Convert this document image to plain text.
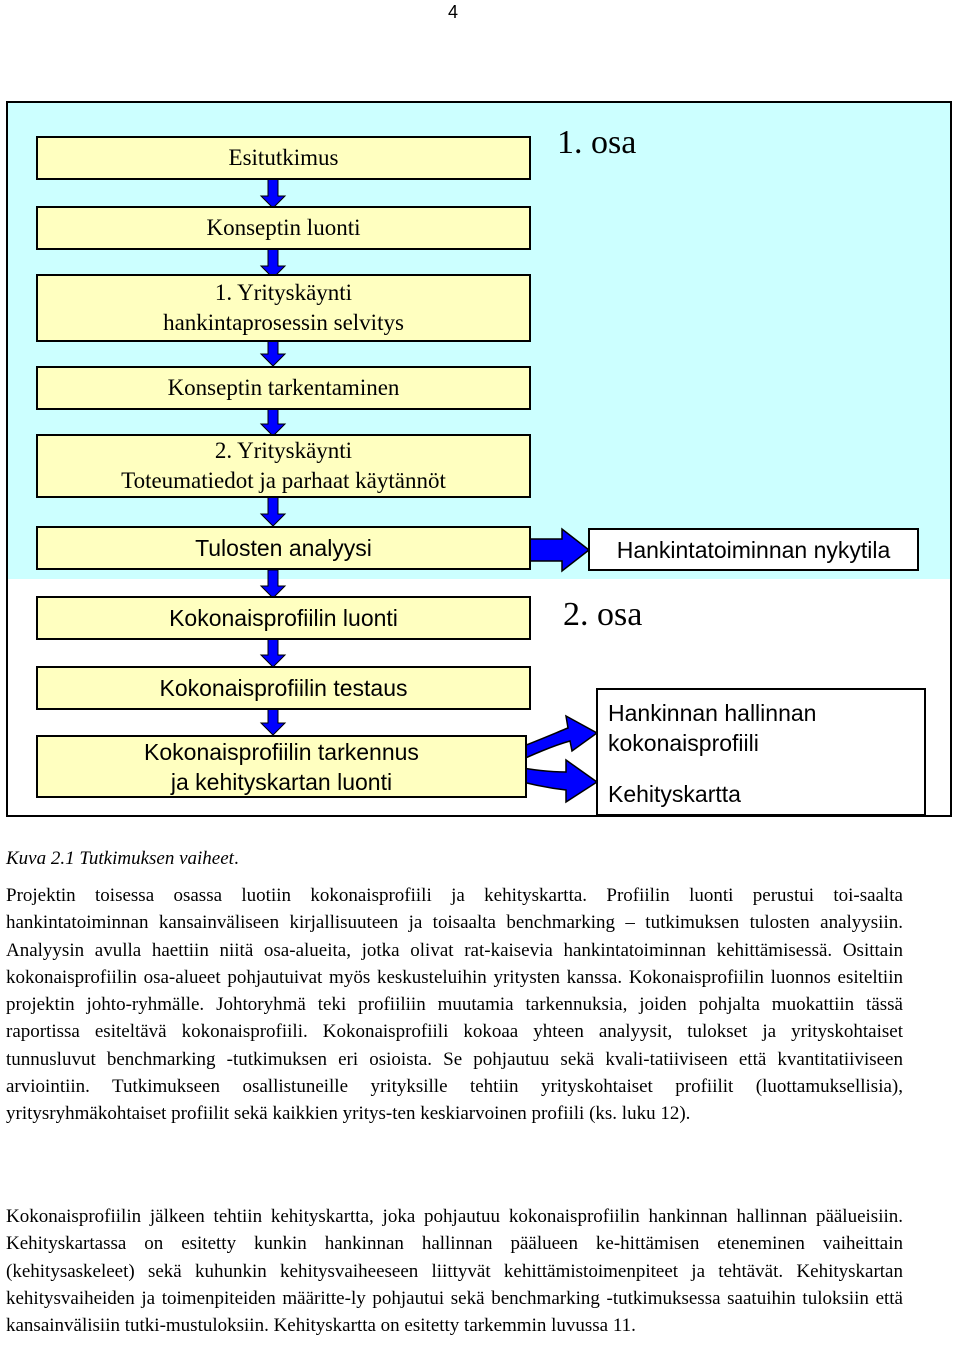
4
1. osa
2. osa
Esitutkimus
Konseptin luonti
1. Yrityskäynti
hankintaprosessin selvitys
Konseptin tarkentaminen
2. Yrityskäynti
Toteumatiedot ja parhaat käytännöt
Tulosten analyysi
Kokonaisprofiilin luonti
Kokonaisprofiilin testaus
Kokonaisprofiilin tarkennus
ja kehityskartan luonti
Hankintatoiminnan nykytila
Hankinnan hallinnan
kokonaisprofiili
Kehityskartta
Kuva 2.1 Tutkimuksen vaiheet.

Projektin toisessa osassa luotiin kokonaisprofiili ja kehityskartta. Profiilin luonti perustui toi-saalta hankintatoiminnan kansainväliseen kirjallisuuteen ja toisaalta benchmarking – tutkimuksen tulosten analyysiin. Analyysin avulla haettiin niitä osa-alueita, jotka olivat rat-kaisevia hankintatoiminnan kehittämisessä. Osittain kokonaisprofiilin osa-alueet pohjautuivat myös keskusteluihin yritysten kanssa. Kokonaisprofiilin luonnos esiteltiin projektin johto-ryhmälle. Johtoryhmä teki profiiliin muutamia tarkennuksia, joiden pohjalta muokattiin tässä raportissa esiteltävä kokonaisprofiili. Kokonaisprofiili kokoaa yhteen analyysit, tulokset ja yrityskohtaiset tunnusluvut benchmarking -tutkimuksen eri osioista. Se pohjautuu sekä kvali-tatiiviseen että kvantitatiiviseen arviointiin. Tutkimukseen osallistuneille yrityksille tehtiin yrityskohtaiset profiilit (luottamuksellisia), yritysryhmäkohtaiset profiilit sekä kaikkien yritys-ten keskiarvoinen profiili (ks. luku 12).

Kokonaisprofiilin jälkeen tehtiin kehityskartta, joka pohjautuu kokonaisprofiilin hankinnan hallinnan päälueisiin. Kehityskartassa on esitetty kunkin hankinnan hallinnan päälueen ke-hittämisen eteneminen vaiheittain (kehitysaskeleet) sekä kuhunkin kehitysvaiheeseen liittyvät kehittämistoimenpiteet ja tehtävät. Kehityskartan kehitysvaiheiden ja toimenpiteiden määritte-ly pohjautui sekä benchmarking -tutkimuksessa saatuihin tuloksiin että kansainvälisiin tutki-mustuloksiin. Kehityskartta on esitetty tarkemmin luvussa 11.
